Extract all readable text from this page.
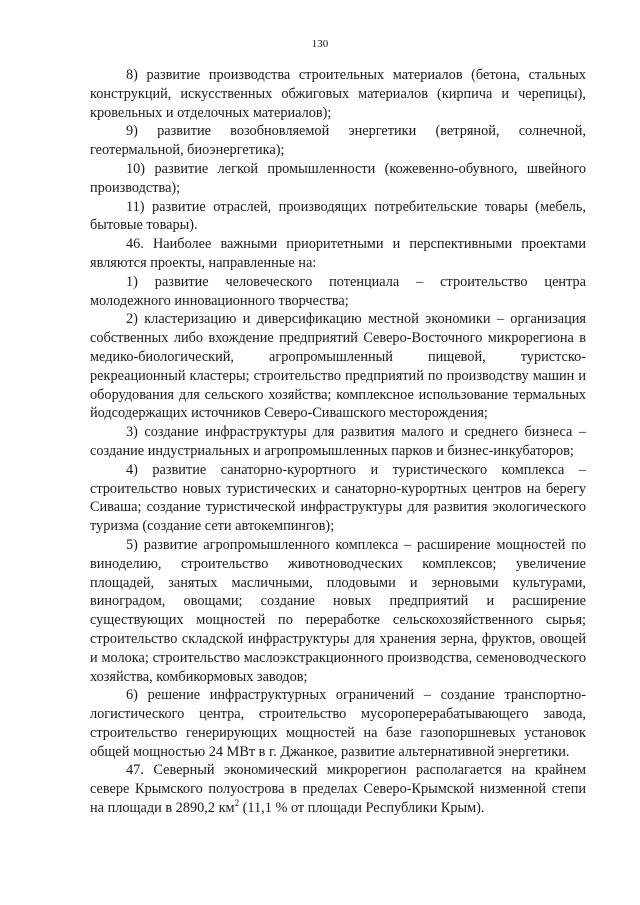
130

8) развитие производства строительных материалов (бетона, стальных конструкций, искусственных обжиговых материалов (кирпича и черепицы), кровельных и отделочных материалов);

9) развитие возобновляемой энергетики (ветряной, солнечной, геотермальной, биоэнергетика);

10) развитие легкой промышленности (кожевенно-обувного, швейного производства);

11) развитие отраслей, производящих потребительские товары (мебель, бытовые товары).

46. Наиболее важными приоритетными и перспективными проектами являются проекты, направленные на:

1) развитие человеческого потенциала – строительство центра молодежного инновационного творчества;

2) кластеризацию и диверсификацию местной экономики – организация собственных либо вхождение предприятий Северо-Восточного микрорегиона в медико-биологический, агропромышленный пищевой, туристско-рекреационный кластеры; строительство предприятий по производству машин и оборудования для сельского хозяйства; комплексное использование термальных йодсодержащих источников Северо-Сивашского месторождения;

3) создание инфраструктуры для развития малого и среднего бизнеса – создание индустриальных и агропромышленных парков и бизнес-инкубаторов;

4) развитие санаторно-курортного и туристического комплекса – строительство новых туристических и санаторно-курортных центров на берегу Сиваша; создание туристической инфраструктуры для развития экологического туризма (создание сети автокемпингов);

5) развитие агропромышленного комплекса – расширение мощностей по виноделию, строительство животноводческих комплексов; увеличение площадей, занятых масличными, плодовыми и зерновыми культурами, виноградом, овощами; создание новых предприятий и расширение существующих мощностей по переработке сельскохозяйственного сырья; строительство складской инфраструктуры для хранения зерна, фруктов, овощей и молока; строительство маслоэкстракционного производства, семеноводческого хозяйства, комбикормовых заводов;

6) решение инфраструктурных ограничений – создание транспортно-логистического центра, строительство мусороперерабатывающего завода, строительство генерирующих мощностей на базе газопоршневых установок общей мощностью 24 МВт в г. Джанкое, развитие альтернативной энергетики.

47. Северный экономический микрорегион располагается на крайнем севере Крымского полуострова в пределах Северо-Крымской низменной степи на площади в 2890,2 $км^2$ (11,1 % от площади Республики Крым).
